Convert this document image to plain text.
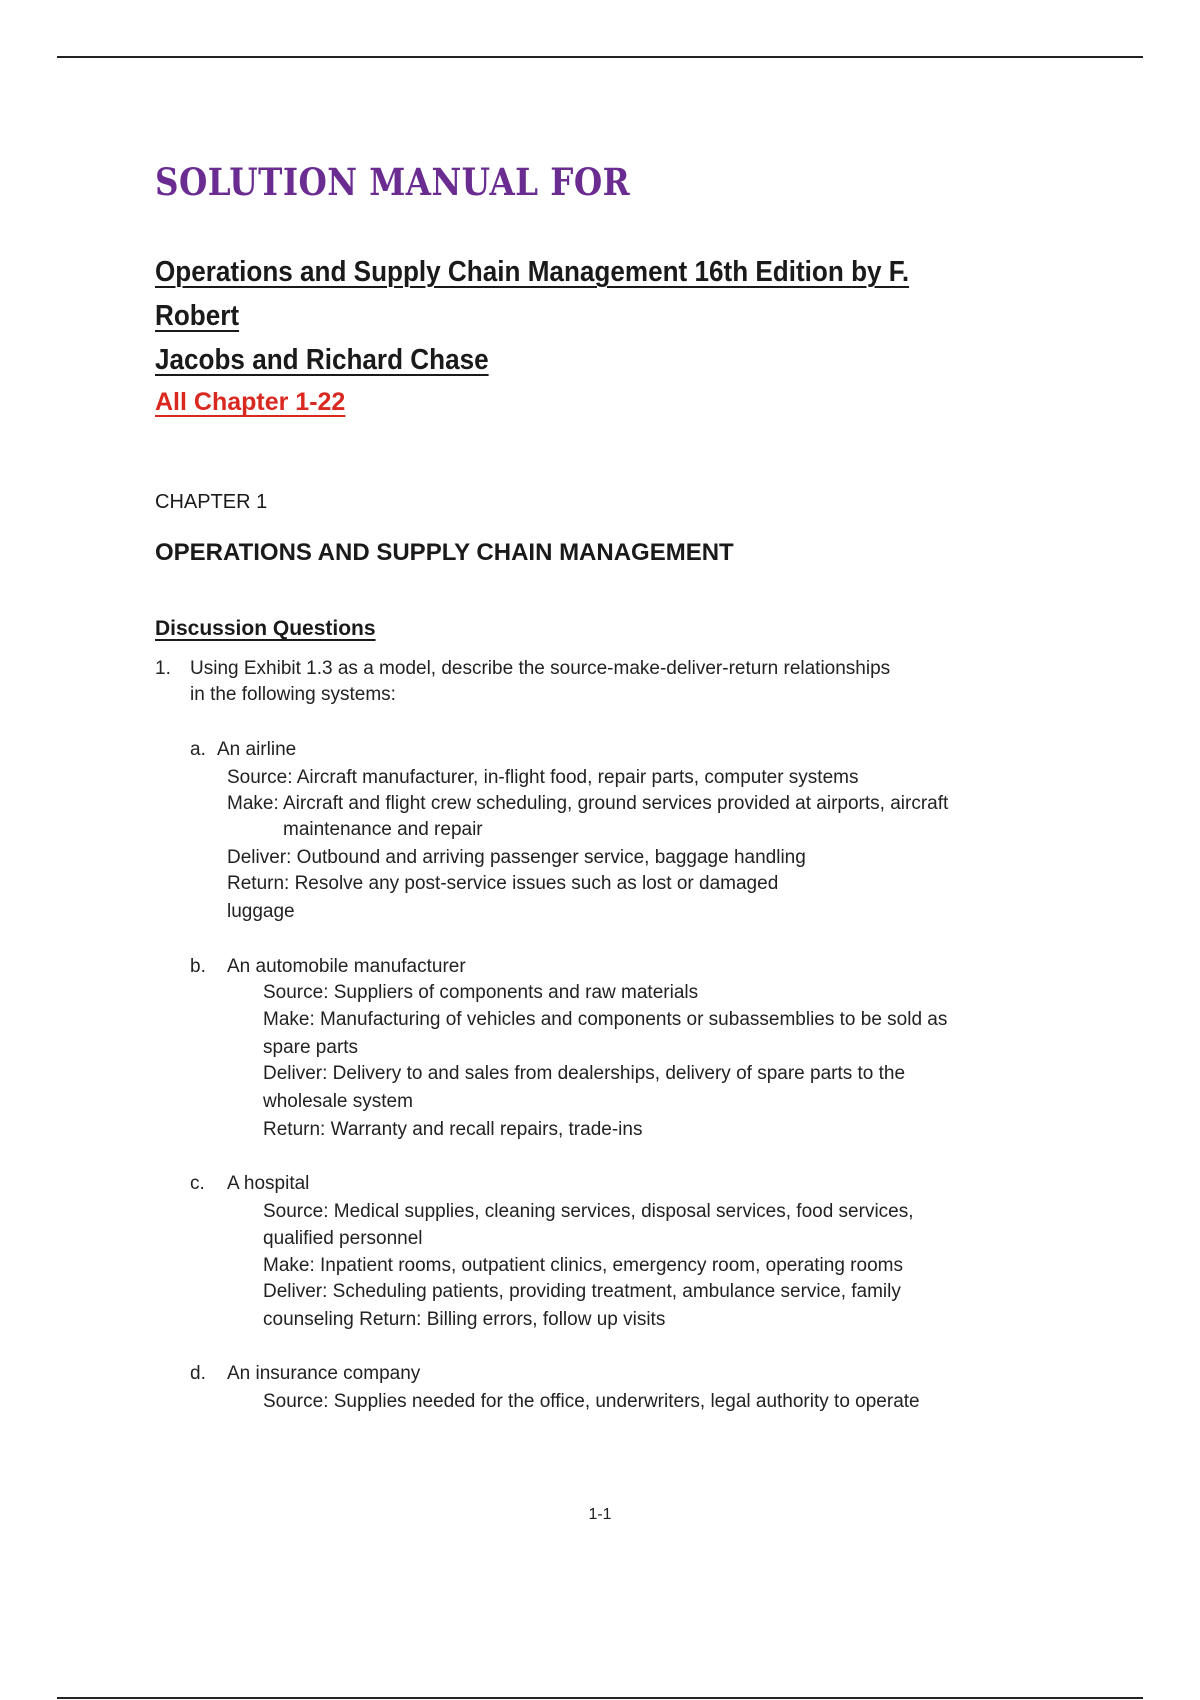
SOLUTION MANUAL FOR
Operations and Supply Chain Management 16th Edition by F. Robert
Jacobs and Richard Chase
All Chapter 1-22
CHAPTER 1
OPERATIONS AND SUPPLY CHAIN MANAGEMENT
Discussion Questions
1. Using Exhibit 1.3 as a model, describe the source-make-deliver-return relationships
in the following systems:
a. An airline
Source: Aircraft manufacturer, in-flight food, repair parts, computer systems
Make: Aircraft and flight crew scheduling, ground services provided at airports, aircraft
maintenance and repair
Deliver: Outbound and arriving passenger service, baggage handling
Return: Resolve any post-service issues such as lost or damaged
luggage
b. An automobile manufacturer
Source: Suppliers of components and raw materials
Make: Manufacturing of vehicles and components or subassemblies to be sold as
spare parts
Deliver: Delivery to and sales from dealerships, delivery of spare parts to the
wholesale system
Return: Warranty and recall repairs, trade-ins
c. A hospital
Source: Medical supplies, cleaning services, disposal services, food services,
qualified personnel
Make: Inpatient rooms, outpatient clinics, emergency room, operating rooms
Deliver: Scheduling patients, providing treatment, ambulance service, family
counseling Return: Billing errors, follow up visits
d. An insurance company
Source: Supplies needed for the office, underwriters, legal authority to operate
1-1
